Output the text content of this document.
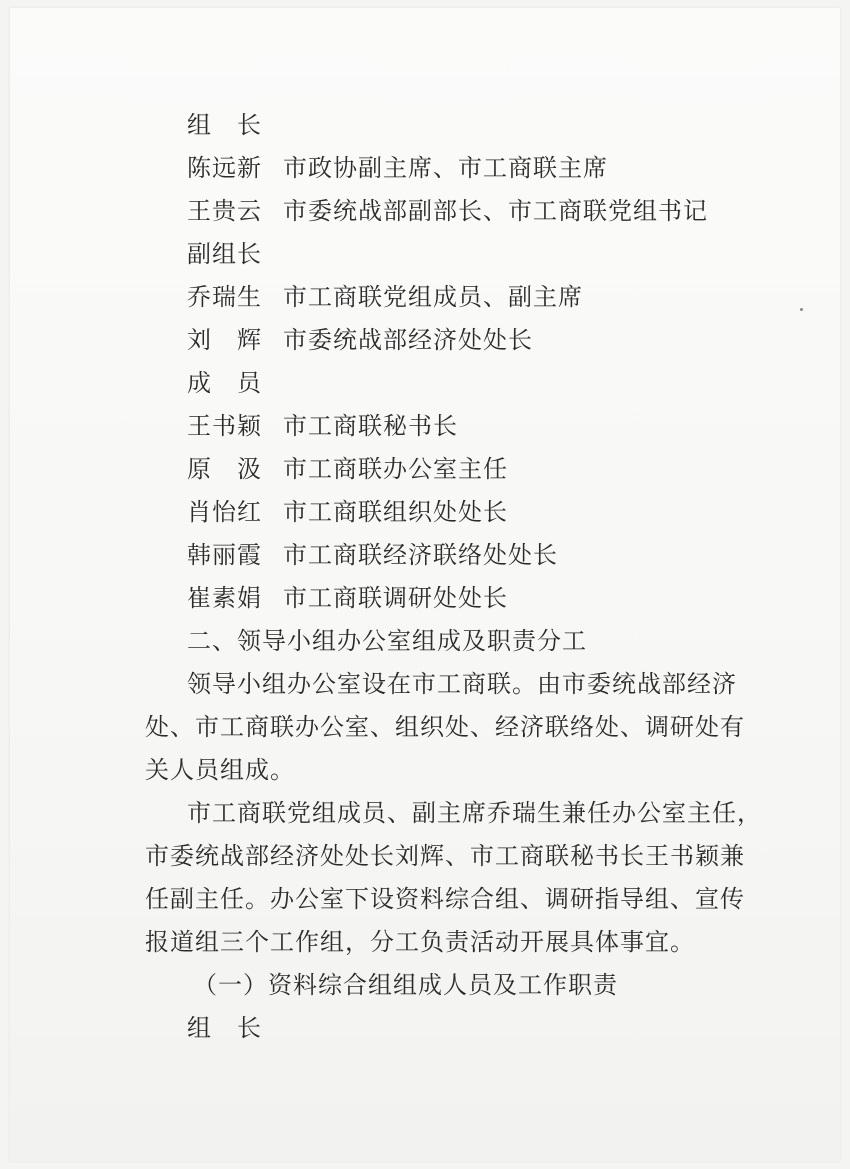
组　长
陈远新 市政协副主席、市工商联主席
王贵云 市委统战部副部长、市工商联党组书记
副组长
乔瑞生 市工商联党组成员、副主席
刘　辉 市委统战部经济处处长
成　员
王书颖 市工商联秘书长
原　汲 市工商联办公室主任
肖怡红 市工商联组织处处长
韩丽霞 市工商联经济联络处处长
崔素娟 市工商联调研处处长
二、领导小组办公室组成及职责分工
领导小组办公室设在市工商联。由市委统战部经济
处、市工商联办公室、组织处、经济联络处、调研处有
关人员组成。
市工商联党组成员、副主席乔瑞生兼任办公室主任，
市委统战部经济处处长刘辉、市工商联秘书长王书颖兼
任副主任。办公室下设资料综合组、调研指导组、宣传
报道组三个工作组，分工负责活动开展具体事宜。
（一）资料综合组组成人员及工作职责
组　长
